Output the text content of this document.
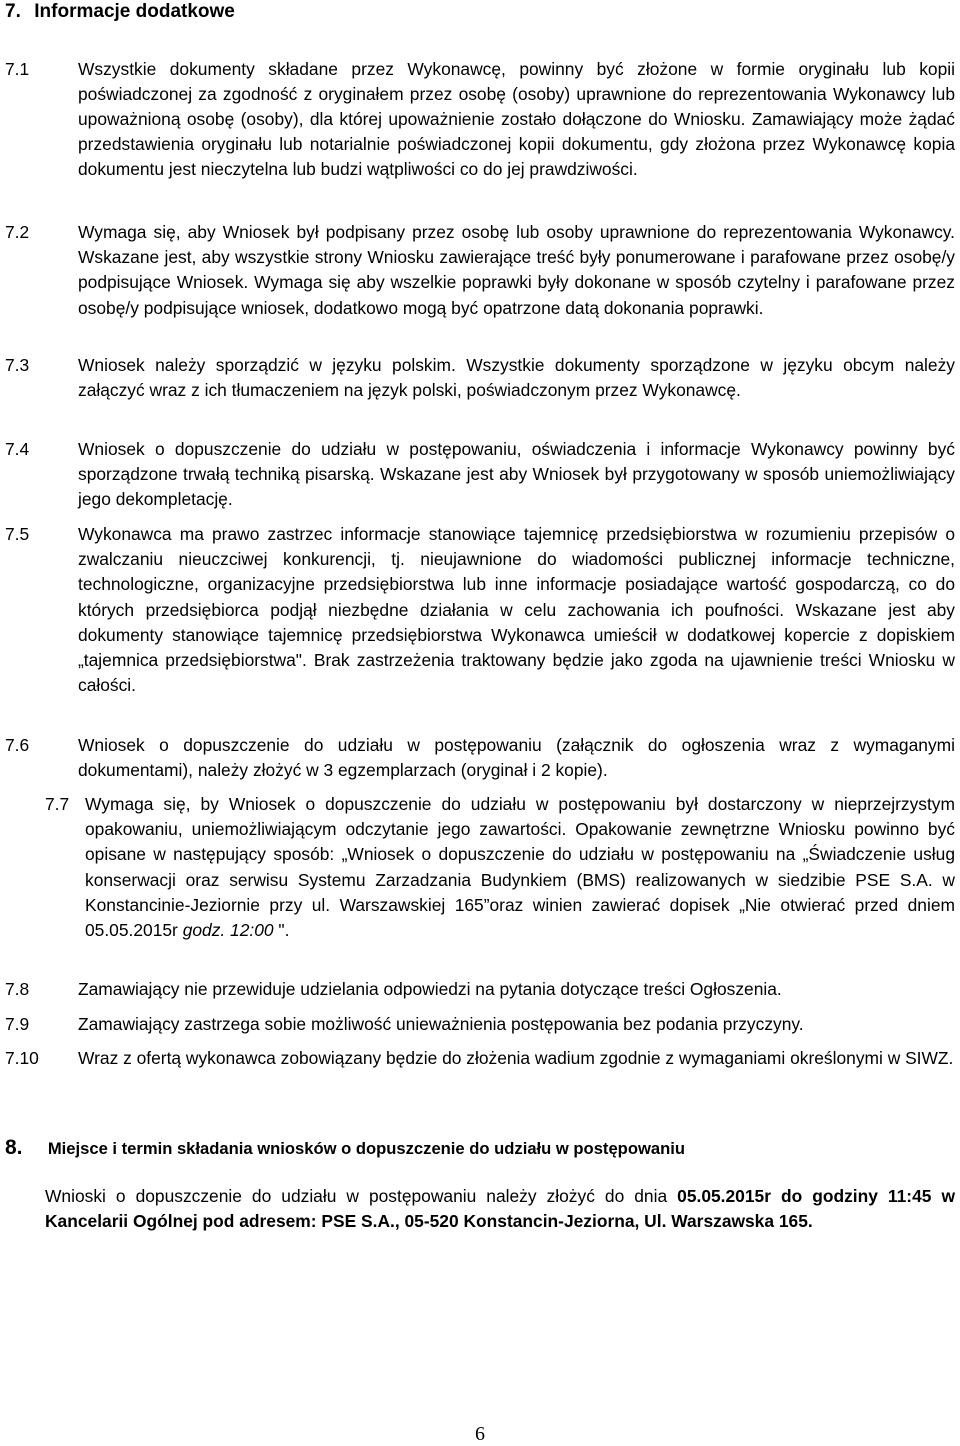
7. Informacje dodatkowe
7.1	Wszystkie dokumenty składane przez Wykonawcę, powinny być złożone w formie oryginału lub kopii poświadczonej za zgodność z oryginałem przez osobę (osoby) uprawnione do reprezentowania Wykonawcy lub upoważnioną osobę (osoby), dla której upoważnienie zostało dołączone do Wniosku. Zamawiający może żądać przedstawienia oryginału lub notarialnie poświadczonej kopii dokumentu, gdy złożona przez Wykonawcę kopia dokumentu jest nieczytelna lub budzi wątpliwości co do jej prawdziwości.
7.2	Wymaga się, aby Wniosek był podpisany przez osobę lub osoby uprawnione do reprezentowania Wykonawcy. Wskazane jest, aby wszystkie strony Wniosku zawierające treść były ponumerowane i parafowane przez osobę/y podpisujące Wniosek. Wymaga się aby wszelkie poprawki były dokonane w sposób czytelny i parafowane przez osobę/y podpisujące wniosek, dodatkowo mogą być opatrzone datą dokonania poprawki.
7.3	Wniosek należy sporządzić w języku polskim. Wszystkie dokumenty sporządzone w języku obcym należy załączyć wraz z ich tłumaczeniem na język polski, poświadczonym przez Wykonawcę.
7.4	Wniosek o dopuszczenie do udziału w postępowaniu, oświadczenia i informacje Wykonawcy powinny być sporządzone trwałą techniką pisarską. Wskazane jest aby Wniosek był przygotowany w sposób uniemożliwiający jego dekompletację.
7.5	Wykonawca ma prawo zastrzec informacje stanowiące tajemnicę przedsiębiorstwa w rozumieniu przepisów o zwalczaniu nieuczciwej konkurencji, tj. nieujawnione do wiadomości publicznej informacje techniczne, technologiczne, organizacyjne przedsiębiorstwa lub inne informacje posiadające wartość gospodarczą, co do których przedsiębiorca podjął niezbędne działania w celu zachowania ich poufności. Wskazane jest aby dokumenty stanowiące tajemnicę przedsiębiorstwa Wykonawca umieścił w dodatkowej kopercie z dopiskiem „tajemnica przedsiębiorstwa". Brak zastrzeżenia traktowany będzie jako zgoda na ujawnienie treści Wniosku w całości.
7.6	Wniosek o dopuszczenie do udziału w postępowaniu (załącznik do ogłoszenia wraz z wymaganymi dokumentami), należy złożyć w 3 egzemplarzach (oryginał i 2 kopie).
7.7 Wymaga się, by Wniosek o dopuszczenie do udziału w postępowaniu był dostarczony w nieprzejrzystym opakowaniu, uniemożliwiającym odczytanie jego zawartości. Opakowanie zewnętrzne Wniosku powinno być opisane w następujący sposób: „Wniosek o dopuszczenie do udziału w postępowaniu na „Świadczenie usług konserwacji oraz serwisu Systemu Zarzadzania Budynkiem (BMS) realizowanych w siedzibie PSE S.A. w Konstancinie-Jeziornie przy ul. Warszawskiej 165”oraz winien zawierać dopisek „Nie otwierać przed dniem 05.05.2015r godz. 12:00 ".
7.8	Zamawiający nie przewiduje udzielania odpowiedzi na pytania dotyczące treści Ogłoszenia.
7.9	Zamawiający zastrzega sobie możliwość unieważnienia postępowania bez podania przyczyny.
7.10 Wraz z ofertą wykonawca zobowiązany będzie do złożenia wadium zgodnie z wymaganiami określonymi w SIWZ.
8. Miejsce i termin składania wniosków o dopuszczenie do udziału w postępowaniu
Wnioski o dopuszczenie do udziału w postępowaniu należy złożyć do dnia 05.05.2015r do godziny 11:45 w Kancelarii Ogólnej pod adresem: PSE S.A., 05-520 Konstancin-Jeziorna, Ul. Warszawska 165.
6
